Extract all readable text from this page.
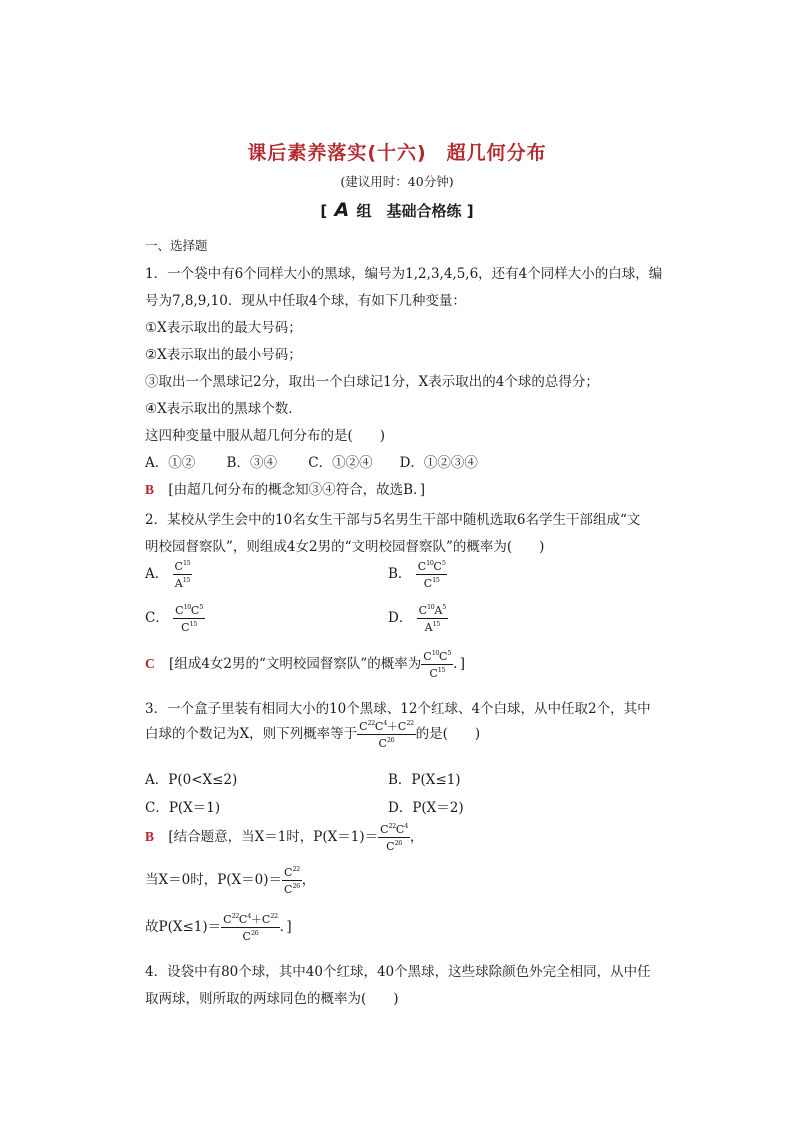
课后素养落实(十六)　超几何分布
(建议用时：40分钟)
[ A 组　基础合格练 ]
一、选择题
1．一个袋中有6个同样大小的黑球，编号为1,2,3,4,5,6，还有4个同样大小的白球，编
号为7,8,9,10．现从中任取4个球，有如下几种变量：
①X表示取出的最大号码；
②X表示取出的最小号码；
③取出一个黑球记2分，取出一个白球记1分，X表示取出的4个球的总得分；
④X表示取出的黑球个数．
这四种变量中服从超几何分布的是(　　)
A．①②　　 B．③④　　 C．①②④　　D．①②③④
B [由超几何分布的概念知③④符合，故选B．]
2．某校从学生会中的10名女生干部与5名男生干部中随机选取6名学生干部组成“文
明校园督察队”，则组成4女2男的“文明校园督察队”的概率为(　　)
A． $\frac{C^{15}}{A^{15}}$	B． $\frac{C^{10}C^5}{C^{15}}$
C． $\frac{C^{10}C^5}{C^{15}}$	D． $\frac{C^{10}A^5}{A^{15}}$
C [组成4女2男的“文明校园督察队”的概率为 $\frac{C^{10}C^5}{C^{15}}$ ．]
3．一个盒子里装有相同大小的10个黑球、12个红球、4个白球，从中任取2个，其中
白球的个数记为X，则下列概率等于 $\frac{C^{22}C^4+C^{22}}{C^{26}}$ 的是(　　)
A．P(0<X≤2)	B．P(X≤1)
C．P(X＝1)	D．P(X＝2)
B [结合题意，当X＝1时，$P(X=1)= \frac{C^{22}C^4}{C^{26}}$ ，
当X＝0时，$P(X=0)= \frac{C^{22}}{C^{26}}$ ，
故$P(X\le 1)= \frac{C^{22}C^4+C^{22}}{C^{26}}$ ．]
4．设袋中有80个球，其中40个红球，40个黑球，这些球除颜色外完全相同，从中任
取两球，则所取的两球同色的概率为(　　)
